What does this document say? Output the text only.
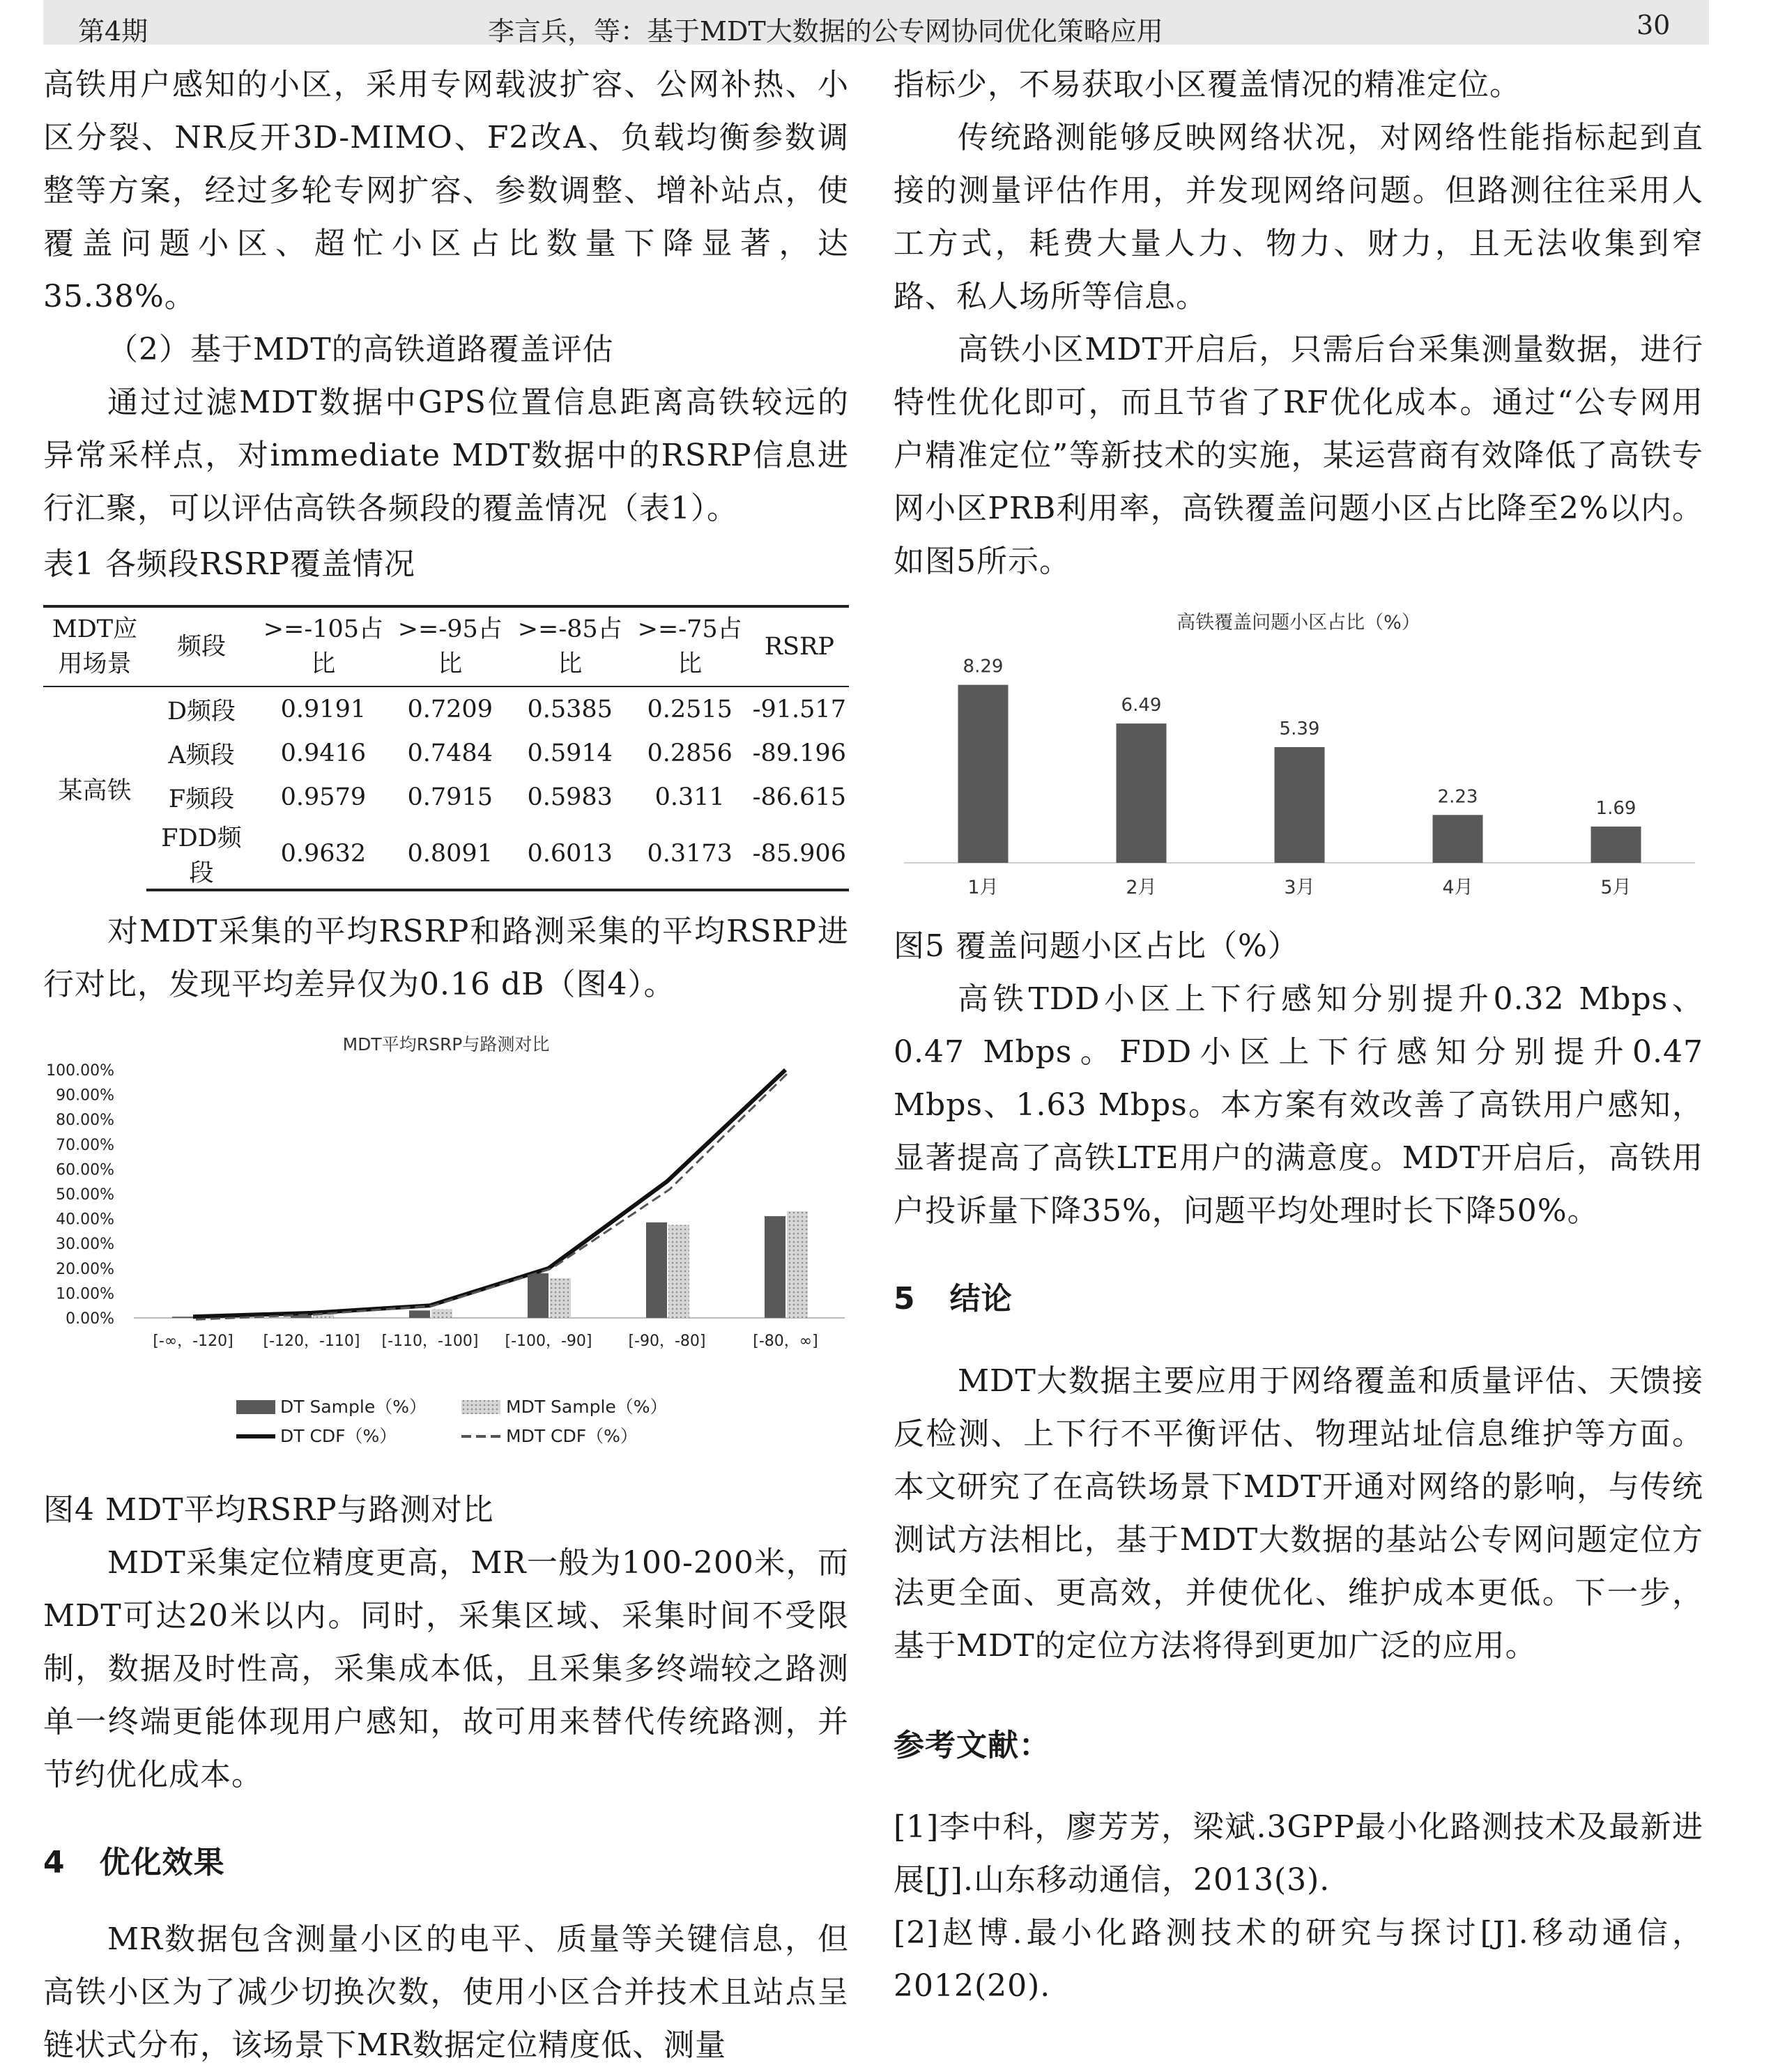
第4期	李言兵，等：基于MDT大数据的公专网协同优化策略应用	30

高铁用户感知的小区，采用专网载波扩容、公网补热、小区分裂、NR反开3D-MIMO、F2改A、负载均衡参数调整等方案，经过多轮专网扩容、参数调整、增补站点，使覆盖问题小区、超忙小区占比数量下降显著，达35.38%。

（2）基于MDT的高铁道路覆盖评估

通过过滤MDT数据中GPS位置信息距离高铁较远的异常采样点，对immediate MDT数据中的RSRP信息进行汇聚，可以评估高铁各频段的覆盖情况（表1）。

表1 各频段RSRP覆盖情况

MDT应用场景	频段	>=-105占比	>=-95占比	>=-85占比	>=-75占比	RSRP
某高铁	D频段	0.9191	0.7209	0.5385	0.2515	-91.517
	A频段	0.9416	0.7484	0.5914	0.2856	-89.196
	F频段	0.9579	0.7915	0.5983	0.311	-86.615
	FDD频段	0.9632	0.8091	0.6013	0.3173	-85.906

对MDT采集的平均RSRP和路测采集的平均RSRP进行对比，发现平均差异仅为0.16 dB（图4）。

MDT平均RSRP与路测对比
100.00%
90.00%
80.00%
70.00%
60.00%
50.00%
40.00%
30.00%
20.00%
10.00%
0.00%
[-∞，-120] [-120，-110] [-110，-100] [-100，-90] [-90，-80]	[-80，∞]
DT Sample（%）	MDT Sample（%）
DT CDF（%）	MDT CDF（%）

图4 MDT平均RSRP与路测对比

MDT采集定位精度更高，MR一般为100-200米，而MDT可达20米以内。同时，采集区域、采集时间不受限制，数据及时性高，采集成本低，且采集多终端较之路测单一终端更能体现用户感知，故可用来替代传统路测，并节约优化成本。

4 优化效果

MR数据包含测量小区的电平、质量等关键信息，但高铁小区为了减少切换次数，使用小区合并技术且站点呈链状式分布，该场景下MR数据定位精度低、测量

指标少，不易获取小区覆盖情况的精准定位。

传统路测能够反映网络状况，对网络性能指标起到直接的测量评估作用，并发现网络问题。但路测往往采用人工方式，耗费大量人力、物力、财力，且无法收集到窄路、私人场所等信息。

高铁小区MDT开启后，只需后台采集测量数据，进行特性优化即可，而且节省了RF优化成本。通过“公专网用户精准定位”等新技术的实施，某运营商有效降低了高铁专网小区PRB利用率，高铁覆盖问题小区占比降至2%以内。如图5所示。

高铁覆盖问题小区占比（%）
8.29
1月
6.49
2月
5.39
3月
2.23
4月
1.69
5月

图5 覆盖问题小区占比（%）

高铁TDD小区上下行感知分别提升0.32 Mbps、0.47 Mbps。FDD小区上下行感知分别提升0.47 Mbps、1.63 Mbps。本方案有效改善了高铁用户感知，显著提高了高铁LTE用户的满意度。MDT开启后，高铁用户投诉量下降35%，问题平均处理时长下降50%。

5 结论

MDT大数据主要应用于网络覆盖和质量评估、天馈接反检测、上下行不平衡评估、物理站址信息维护等方面。本文研究了在高铁场景下MDT开通对网络的影响，与传统测试方法相比，基于MDT大数据的基站公专网问题定位方法更全面、更高效，并使优化、维护成本更低。下一步，基于MDT的定位方法将得到更加广泛的应用。

参考文献：

[1]李中科，廖芳芳，梁斌.3GPP最小化路测技术及最新进展[J].山东移动通信，2013(3).

[2]赵博.最小化路测技术的研究与探讨[J].移动通信，2012(20).
